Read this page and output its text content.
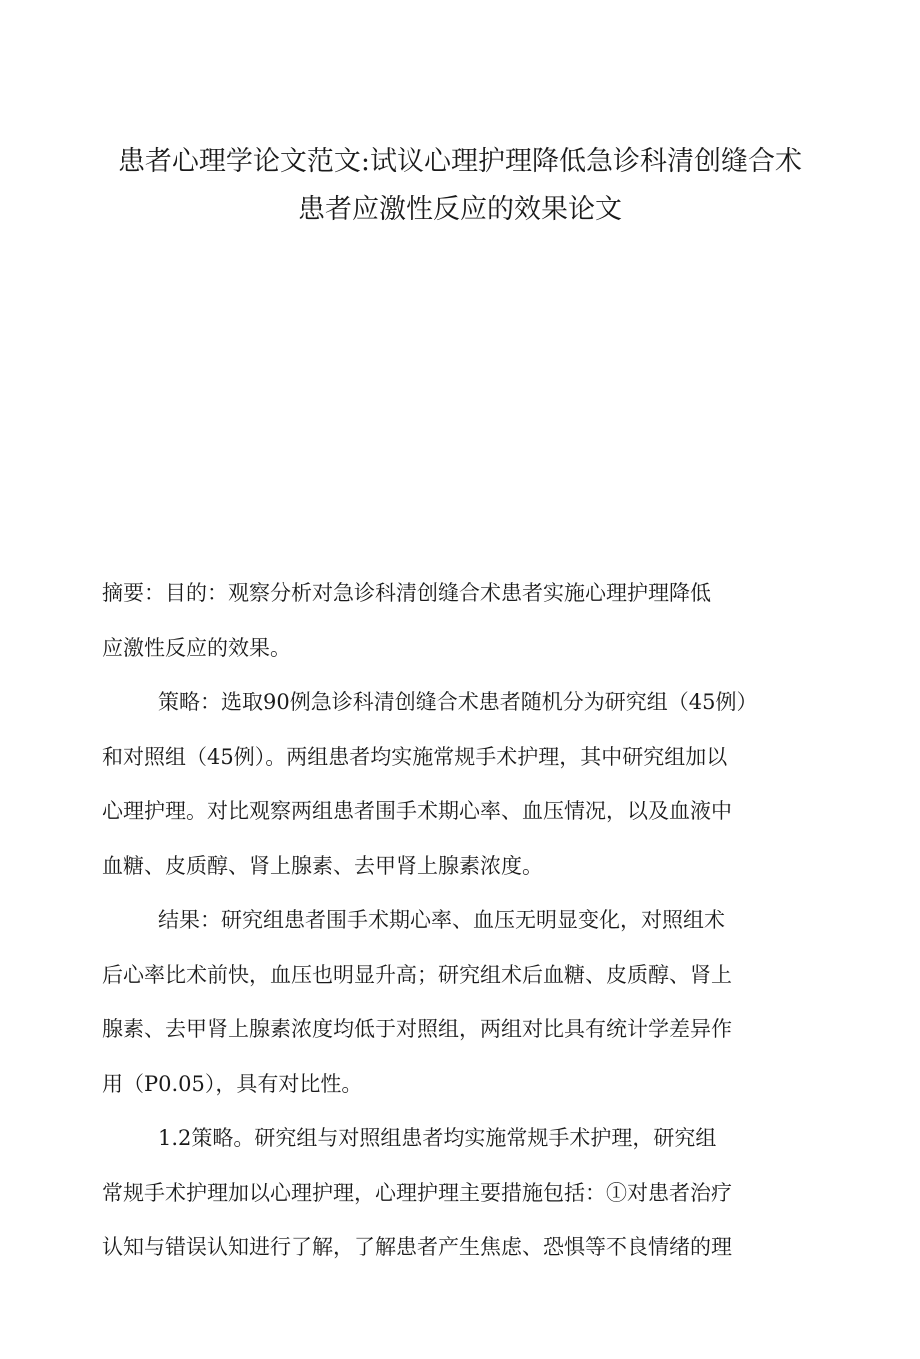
患者心理学论文范文:试议心理护理降低急诊科清创缝合术
患者应激性反应的效果论文
摘要：目的：观察分析对急诊科清创缝合术患者实施心理护理降低
应激性反应的效果。
策略：选取90例急诊科清创缝合术患者随机分为研究组（45例）
和对照组（45例）。两组患者均实施常规手术护理，其中研究组加以
心理护理。对比观察两组患者围手术期心率、血压情况，以及血液中
血糖、皮质醇、肾上腺素、去甲肾上腺素浓度。
结果：研究组患者围手术期心率、血压无明显变化，对照组术
后心率比术前快，血压也明显升高；研究组术后血糖、皮质醇、肾上
腺素、去甲肾上腺素浓度均低于对照组，两组对比具有统计学差异作
用（P0.05），具有对比性。
1.2策略。研究组与对照组患者均实施常规手术护理，研究组
常规手术护理加以心理护理，心理护理主要措施包括：①对患者治疗
认知与错误认知进行了解，了解患者产生焦虑、恐惧等不良情绪的理
